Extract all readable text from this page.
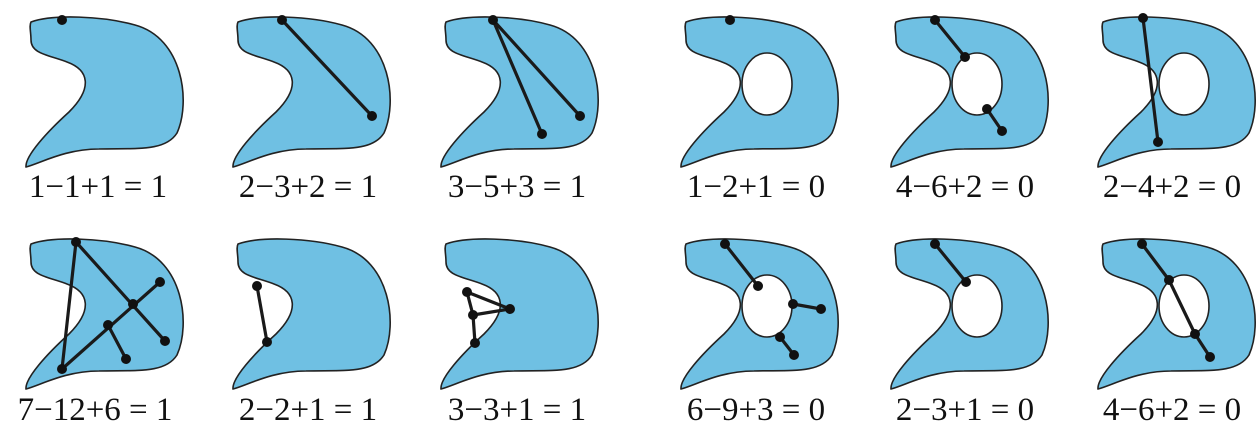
1−1+1 = 1 2−3+2 = 1 3−5+3 = 1	1−2+1 = 0 4−6+2 = 0 2−4+2 = 0
7−12+6 = 1 2−2+1 = 1 3−3+1 = 1	6−9+3 = 0 2−3+1 = 0 4−6+2 = 0
